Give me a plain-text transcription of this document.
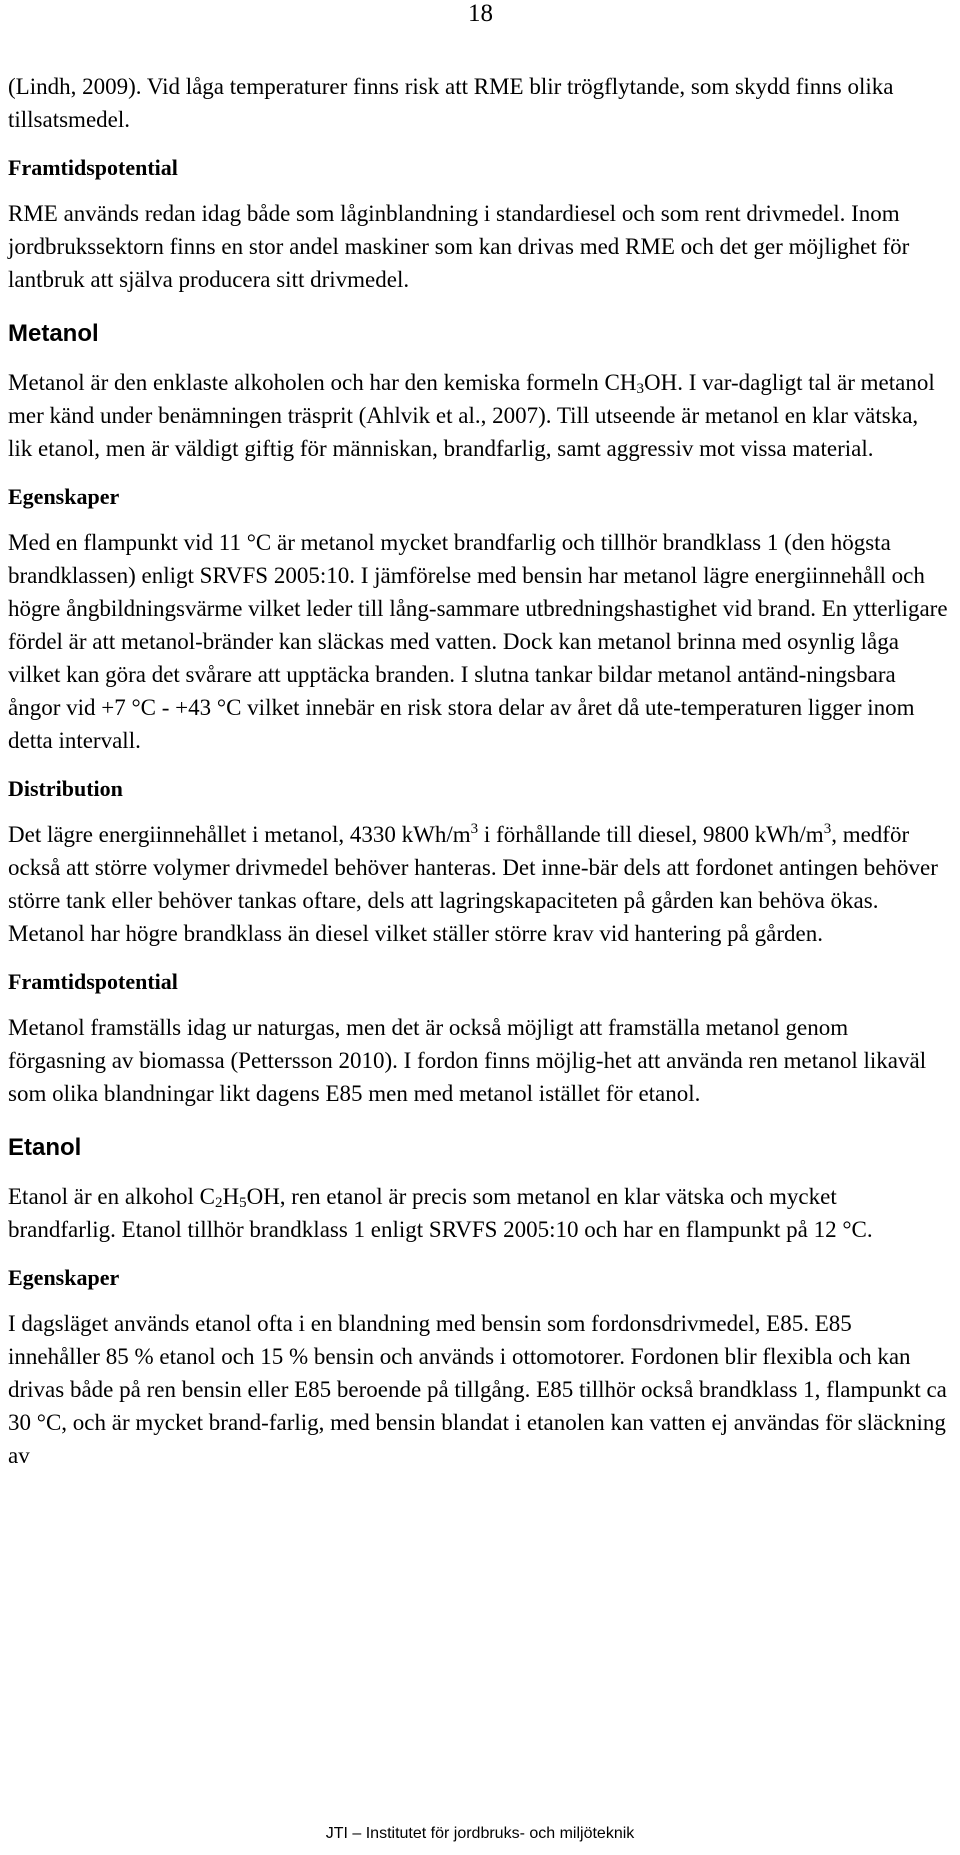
18

(Lindh, 2009). Vid låga temperaturer finns risk att RME blir trögflytande, som skydd finns olika tillsatsmedel.

Framtidspotential

RME används redan idag både som låginblandning i standardiesel och som rent drivmedel. Inom jordbrukssektorn finns en stor andel maskiner som kan drivas med RME och det ger möjlighet för lantbruk att själva producera sitt drivmedel.

Metanol

Metanol är den enklaste alkoholen och har den kemiska formeln $CH_3OH$. I var-dagligt tal är metanol mer känd under benämningen träsprit (Ahlvik et al., 2007). Till utseende är metanol en klar vätska, lik etanol, men är väldigt giftig för människan, brandfarlig, samt aggressiv mot vissa material.

Egenskaper

Med en flampunkt vid 11 °C är metanol mycket brandfarlig och tillhör brandklass 1 (den högsta brandklassen) enligt SRVFS 2005:10. I jämförelse med bensin har metanol lägre energiinnehåll och högre ångbildningsvärme vilket leder till lång-sammare utbredningshastighet vid brand. En ytterligare fördel är att metanol-bränder kan släckas med vatten. Dock kan metanol brinna med osynlig låga vilket kan göra det svårare att upptäcka branden. I slutna tankar bildar metanol antänd-ningsbara ångor vid +7 °C - +43 °C vilket innebär en risk stora delar av året då ute-temperaturen ligger inom detta intervall.

Distribution

Det lägre energiinnehållet i metanol, 4330 kWh/$m^3$ i förhållande till diesel, 9800 kWh/$m^3$, medför också att större volymer drivmedel behöver hanteras. Det inne-bär dels att fordonet antingen behöver större tank eller behöver tankas oftare, dels att lagringskapaciteten på gården kan behöva ökas. Metanol har högre brandklass än diesel vilket ställer större krav vid hantering på gården.

Framtidspotential

Metanol framställs idag ur naturgas, men det är också möjligt att framställa metanol genom förgasning av biomassa (Pettersson 2010). I fordon finns möjlig-het att använda ren metanol likaväl som olika blandningar likt dagens E85 men med metanol istället för etanol.

Etanol

Etanol är en alkohol $C_2H_5OH$, ren etanol är precis som metanol en klar vätska och mycket brandfarlig. Etanol tillhör brandklass 1 enligt SRVFS 2005:10 och har en flampunkt på 12 °C.

Egenskaper

I dagsläget används etanol ofta i en blandning med bensin som fordonsdrivmedel, E85. E85 innehåller 85 % etanol och 15 % bensin och används i ottomotorer. Fordonen blir flexibla och kan drivas både på ren bensin eller E85 beroende på tillgång. E85 tillhör också brandklass 1, flampunkt ca 30 °C, och är mycket brand-farlig, med bensin blandat i etanolen kan vatten ej användas för släckning av

JTI – Institutet för jordbruks- och miljöteknik
